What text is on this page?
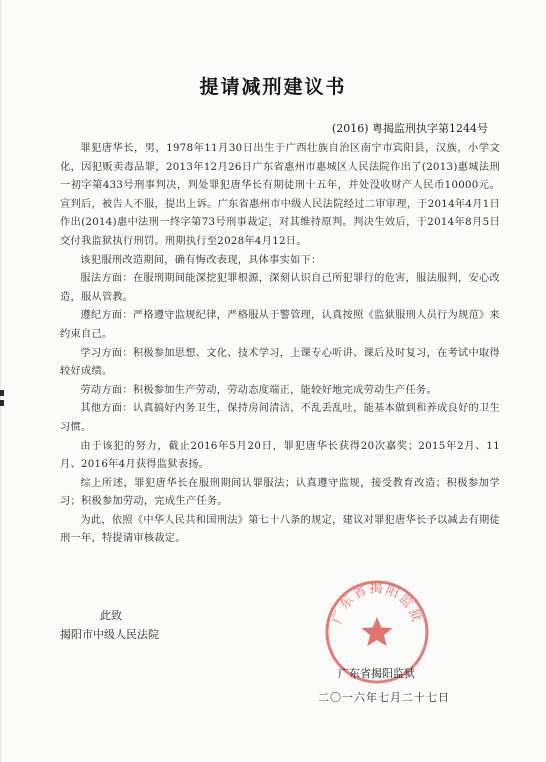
提请减刑建议书
(2016) 粤揭监刑执字第1244号

罪犯唐华长，男，1978年11月30日出生于广西壮族自治区南宁市宾阳县，汉族，小学文化，因犯贩卖毒品罪，2013年12月26日广东省惠州市惠城区人民法院作出了(2013)惠城法刑一初字第433号刑事判决，判处罪犯唐华长有期徒刑十五年，并处没收财产人民币10000元。宣判后，被告人不服，提出上诉。广东省惠州市中级人民法院经过二审审理，于2014年4月1日作出(2014)惠中法刑一终字第73号刑事裁定，对其维持原判。判决生效后，于2014年8月5日交付我监狱执行刑罚。刑期执行至2028年4月12日。

该犯服刑改造期间，确有悔改表现，具体事实如下：

服法方面：在服刑期间能深挖犯罪根源，深刻认识自己所犯罪行的危害，服法服判，安心改造，服从管教。

遵纪方面：严格遵守监规纪律，严格服从于警管理，认真按照《监狱服刑人员行为规范》来约束自己。

学习方面：积极参加思想、文化、技术学习，上课专心听讲、课后及时复习，在考试中取得较好成绩。

劳动方面：积极参加生产劳动，劳动态度端正，能较好地完成劳动生产任务。

其他方面：认真搞好内务卫生，保持房间清洁，不乱丢乱吐，能基本做到和养成良好的卫生习惯。

由于该犯的努力，截止2016年5月20日，罪犯唐华长获得20次嘉奖；2015年2月、11月、2016年4月获得监狱表扬。

综上所述，罪犯唐华长在服刑期间认罪服法；认真遵守监规，接受教育改造；积极参加学习；积极参加劳动，完成生产任务。

为此，依照《中华人民共和国刑法》第七十八条的规定，建议对罪犯唐华长予以减去有期徒刑一年，特提请审核裁定。

此致
揭阳市中级人民法院
广东省揭阳监狱
广东省揭阳监狱
二〇一六年七月二十七日
